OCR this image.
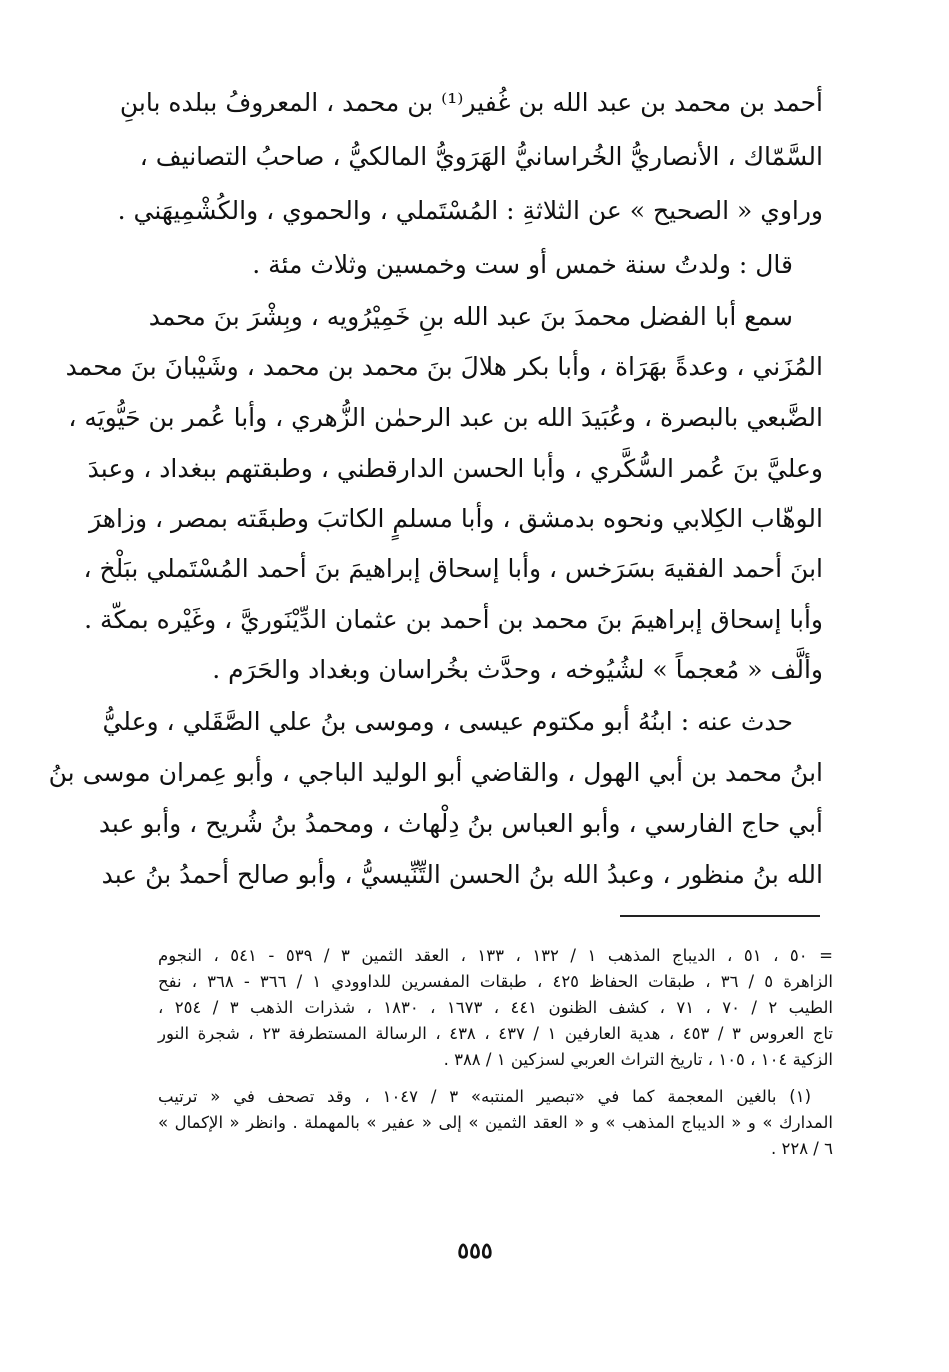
أحمد بن محمد بن عبد الله بن غُفير⁽¹⁾ بن محمد ، المعروفُ ببلده بابنِ
السَّمّاك ، الأنصاريُّ الخُراسانيُّ الهَرَويُّ المالكيُّ ، صاحبُ التصانيف ،
وراوي « الصحيح » عن الثلاثةِ : المُسْتَملي ، والحموي ، والكُشْمِيهَني .
قال : ولدتُ سنة خمس أو ست وخمسين وثلاث مئة .
سمع أبا الفضل محمدَ بنَ عبد الله بنِ خَمِيْرُويه ، وبِشْرَ بنَ محمد
المُزَني ، وعدةً بهَرَاة ، وأبا بكر هلالَ بنَ محمد بن محمد ، وشَيْبانَ بنَ محمد
الضَّبعي بالبصرة ، وعُبَيدَ الله بن عبد الرحمٰن الزُّهري ، وأبا عُمر بن حَيُّويَه ،
وعليَّ بنَ عُمر السُّكَّري ، وأبا الحسن الدارقطني ، وطبقتهم ببغداد ، وعبدَ
الوهّاب الكِلابي ونحوه بدمشق ، وأبا مسلمٍ الكاتبَ وطبقَته بمصر ، وزاهرَ
ابنَ أحمد الفقيهَ بسَرَخس ، وأبا إسحاق إبراهيمَ بنَ أحمد المُسْتَملي ببَلْخ ،
وأبا إسحاق إبراهيمَ بنَ محمد بن أحمد بن عثمان الدِّيْنَوريَّ ، وغَيْره بمكّة .
وألَّف « مُعجماً » لشُيُوخه ، وحدَّث بخُراسان وبغداد والحَرَم .
حدث عنه : ابنُهُ أبو مكتوم عيسى ، وموسى بنُ علي الصَّقَلي ، وعليُّ
ابنُ محمد بن أبي الهول ، والقاضي أبو الوليد الباجي ، وأبو عِمران موسى بنُ
أبي حاج الفارسي ، وأبو العباس بنُ دِلْهاث ، ومحمدُ بنُ شُريح ، وأبو عبد
الله بنُ منظور ، وعبدُ الله بنُ الحسن التِّنِّيسيُّ ، وأبو صالح أحمدُ بنُ عبد
= ٥٠ ، ٥١ ، الديباج المذهب ١ / ١٣٢ ، ١٣٣ ، العقد الثمين ٣ / ٥٣٩ - ٥٤١ ، النجوم
الزاهرة ٥ / ٣٦ ، طبقات الحفاظ ٤٢٥ ، طبقات المفسرين للداوودي ١ / ٣٦٦ - ٣٦٨ ، نفح
الطيب ٢ / ٧٠ ، ٧١ ، كشف الظنون ٤٤١ ، ١٦٧٣ ، ١٨٣٠ ، شذرات الذهب ٣ / ٢٥٤ ،
تاج العروس ٣ / ٤٥٣ ، هدية العارفين ١ / ٤٣٧ ، ٤٣٨ ، الرسالة المستطرفة ٢٣ ، شجرة النور
الزكية ١٠٤ ، ١٠٥ ، تاريخ التراث العربي لسزكين ١ / ٣٨٨ .
(١) بالغين المعجمة كما في «تبصير المنتبه» ٣ / ١٠٤٧ ، وقد تصحف في « ترتيب
المدارك » و « الديباج المذهب » و « العقد الثمين » إلى « عفير » بالمهملة . وانظر « الإكمال »
٦ / ٢٢٨ .
٥٥٥
